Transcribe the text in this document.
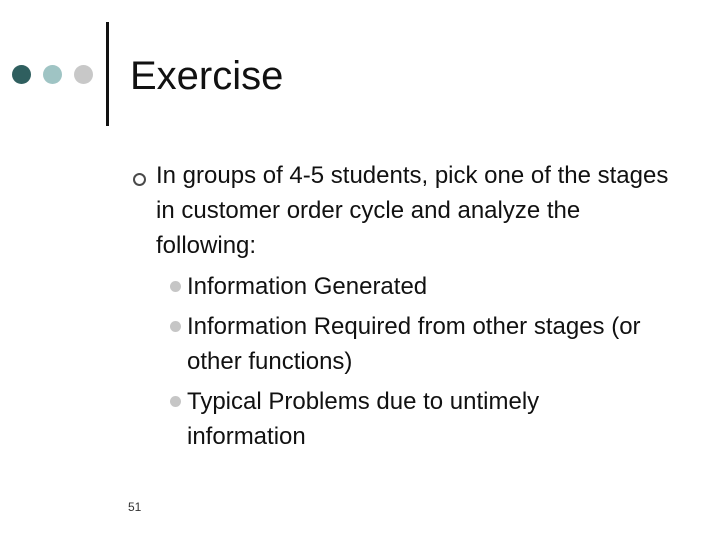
Exercise

In groups of 4-5 students, pick one of the stages in customer order cycle and analyze the following:

Information Generated
Information Required from other stages (or other functions)
Typical Problems due to untimely information
51
